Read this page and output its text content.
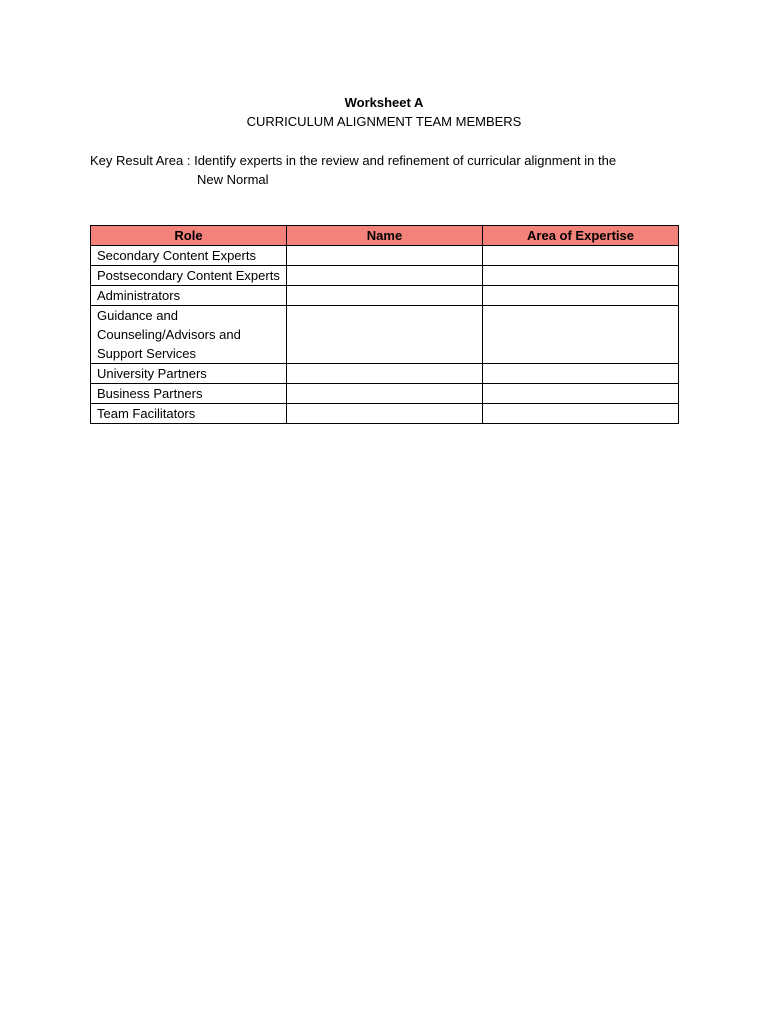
Worksheet A
CURRICULUM ALIGNMENT TEAM MEMBERS
Key Result Area : Identify experts in the review and refinement of curricular alignment in the
New Normal
Role	Name	Area of Expertise
Secondary Content Experts		
Postsecondary Content Experts		
Administrators		
Guidance and Counseling/Advisors and Support Services		
University Partners		
Business Partners		
Team Facilitators		
